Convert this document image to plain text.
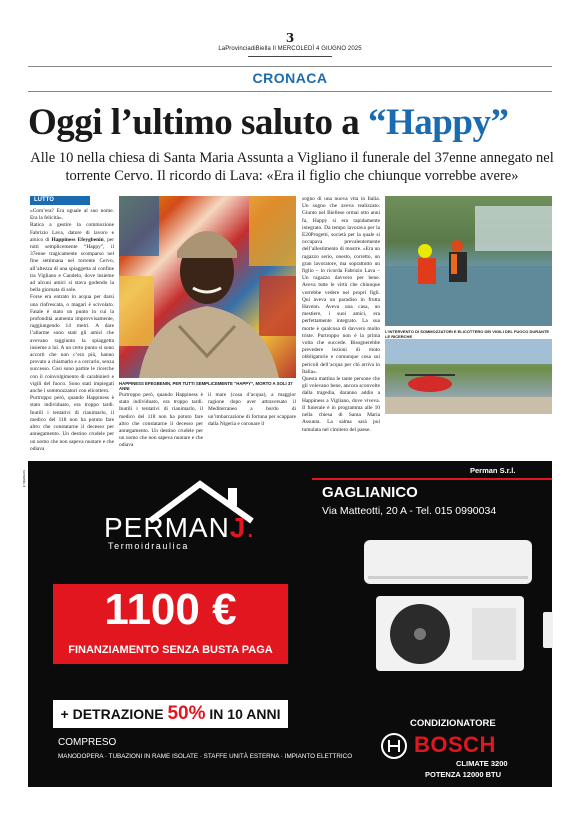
3
LaProvinciadiBiella Il MERCOLEDÌ 4 GIUGNO 2025
CRONACA
Oggi l’ultimo saluto a “Happy”
Alle 10 nella chiesa di Santa Maria Assunta a Vigliano il funerale del 37enne annegato nel torrente Cervo. Il ricordo di Lava: «Era il figlio che chiunque vorrebbe avere»
LUTTO
«Com’era? Era uguale al suo nome. Era la felicità».
Ratica a gestire la commozione Fabrizio Lava, datore di lavoro e amico di Happiness Efeygbenin, per tutti semplicemente “Happy”, il 37enne tragicamente scomparso nel fine settimana nel torrente Cervo, all’altezza di una spiaggetta al confine tra Vigliano e Candelo, dove insieme ad alcuni amici si stava godendo la bella giornata di sole.
Forse era entrato in acqua per darsi una rinfrescata, o magari è scivolato. Fatale è stato un punto in cui la profondità aumenta improvvisamente, raggiungendo 14 metri. A dare l’allarme sono stati gli amici che avevano raggiunto la spiaggetta insieme a lui. A un certo punto si sono accorti che non c’era più, hanno provato a chiamarlo e a cercarlo, senza successo. Così sono partite le ricerche con il coinvolgimento di carabinieri e vigili del fuoco. Sono stati impiegati anche i sommozzatori con elicottero.
Purtroppo però, quando Happiness è stato individuato, era troppo tardi. Inutili i tentativi di rianimarlo, il medico del 118 non ha potuto fare altro che constatarne il decesso per annegamento. Un destino crudele per un uomo che non sapeva nuotare e che odiava
HAPPINESS EFEGBENIN, PER TUTTI SEMPLICEMENTE “HAPPY”, MORTO A SOLI 37 ANNI
Purtroppo però, quando Happiness è stato individuato, era troppo tardi. Inutili i tentativi di rianimarlo, il medico del 118 non ha potuto fare altro che constatarne il decesso per annegamento. Un destino crudele per un uomo che non sapeva nuotare e che odiava
il mare (cosa d’acqua), a maggior ragione dopo aver attraversato il Mediterraneo a bordo di un’imbarcazione di fortuna per scappare dalla Nigeria e coronare il
sogno di una nuova vita in Italia. Un sogno che aveva realizzato. Giunto nel Biellese ormai otto anni fa, Happy si era rapidamente integrato. Da tempo lavorava per la E20Progetti, società per la quale si occupava prevalentemente dell’allestimento di mostre. «Era un ragazzo serio, onesto, corretto, un gran lavoratore, ma soprattutto un figlio – lo ricorda Fabrizio Lava – Un ragazzo davvero per bene. Aveva tutte le virtù che chiunque vorrebbe vedere nei propri figli. Qui aveva un paradiso in frutta Havenn. Aveva una casa, un mestiere, i suoi amici, era perfettamente integrato. La sua morte è qualcosa di davvero molto triste. Purtroppo non è la prima volta che succede. Bisognerebbe prevedere lezioni di moto obbligatorie e comunque cosa sui pericoli dell’acqua per chi arriva in Italia».
Questa mattina le tante persone che gli volevano bene, ancora sconvolte dalla tragedia, daranno addio a Happiness a Vigliano, dove viveva. Il funerale è in programma alle 10 nella chiesa di Santa Maria Assunta. La salma sarà poi tumulata nel cimitero del paese.
L’INTERVENTO DI SOMMOZZATORI E ELICOTTERO DEI VIGILI DEL FUOCO DURANTE LE RICERCHE
somvedo.it	Perman S.r.l.
PERMANJ.
Termoidraulica
GAGLIANICO
Via Matteotti, 20 A - Tel. 015 0990034
1100 €
FINANZIAMENTO SENZA BUSTA PAGA
+ DETRAZIONE 50% IN 10 ANNI
COMPRESO
MANODOPERA · TUBAZIONI IN RAME ISOLATE · STAFFE UNITÀ ESTERNA · IMPIANTO ELETTRICO
CONDIZIONATORE
BOSCH
CLIMATE 3200
POTENZA 12000 BTU
